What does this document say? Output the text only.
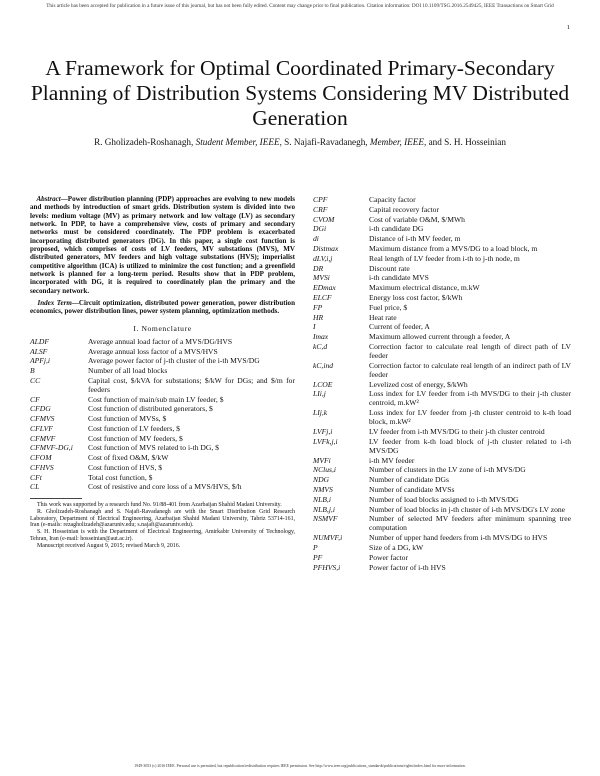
This article has been accepted for publication in a future issue of this journal, but has not been fully edited. Content may change prior to final publication. Citation information: DOI 10.1109/TSG.2016.2549425, IEEE Transactions on Smart Grid
1
A Framework for Optimal Coordinated Primary-Secondary Planning of Distribution Systems Considering MV Distributed Generation
R. Gholizadeh-Roshanagh, Student Member, IEEE, S. Najafi-Ravadanegh, Member, IEEE, and S. H. Hosseinian

Abstract—Power distribution planning (PDP) approaches are evolving to new models and methods by introduction of smart grids. Distribution system is divided into two levels: medium voltage (MV) as primary network and low voltage (LV) as secondary network. In PDP, to have a comprehensive view, costs of primary and secondary networks must be considered coordinately. The PDP problem is exacerbated incorporating distributed generators (DG). In this paper, a single cost function is proposed, which comprises of costs of LV feeders, MV substations (MVS), MV distributed generators, MV feeders and high voltage substations (HVS); imperialist competitive algorithm (ICA) is utilized to minimize the cost function; and a greenfield network is planned for a long-term period. Results show that in PDP problem, incorporated with DG, it is required to coordinately plan the primary and the secondary network.

Index Term—Circuit optimization, distributed power generation, power distribution economics, power distribution lines, power system planning, optimization methods.

I. Nomenclature
ALDF	Average annual load factor of a MVS/DG/HVS
ALSF	Average annual loss factor of a MVS/HVS
APFj,i	Average power factor of j-th cluster of the i-th MVS/DG
B	Number of all load blocks
CC	Capital cost, $/kVA for substations; $/kW for DGs; and $/m for feeders
CF	Cost function of main/sub main LV feeder, $
CFDG	Cost function of distributed generators, $
CFMVS	Cost function of MVSs, $
CFLVF	Cost function of LV feeders, $
CFMVF	Cost function of MV feeders, $
CFMVF-DG,i	Cost function of MVS related to i-th DG, $
CFOM	Cost of fixed O&M, $/kW
CFHVS	Cost function of HVS, $
CFt	Total cost function, $
CL	Cost of resistive and core loss of a MVS/HVS, $/h

This work was supported by a research fund No. 91/88-401 from Azarbaijan Shahid Madani University.

R. Gholizadeh-Roshanagh and S. Najafi-Ravadanegh are with the Smart Distribution Grid Research Laboratory, Department of Electrical Engineering, Azarbaijan Shahid Madani University, Tabriz 53714-161, Iran (e-mails: rezagholizadeh@azaruniv.edu; s.najafi@azaruniv.edu).

S. H. Hosseinian is with the Department of Electrical Engineering, Amirkabir University of Technology, Tehran, Iran (e-mail: hosseinian@aut.ac.ir).

Manuscript received August 9, 2015; revised March 9, 2016.

CPF	Capacity factor
CRF	Capital recovery factor
CVOM	Cost of variable O&M, $/MWh
DGi	i-th candidate DG
di	Distance of i-th MV feeder, m
Distmax	Maximum distance from a MVS/DG to a load block, m
dLV,i,j	Real length of LV feeder from i-th to j-th node, m
DR	Discount rate
MVSi	i-th candidate MVS
EDmax	Maximum electrical distance, m.kW
ELCF	Energy loss cost factor, $/kWh
FP	Fuel price, $
HR	Heat rate
I	Current of feeder, A
Imax	Maximum allowed current through a feeder, A
kC,d	Correction factor to calculate real length of direct path of LV feeder
kC,ind	Correction factor to calculate real length of an indirect path of LV feeder
LCOE	Levelized cost of energy, $/kWh
LIi,j	Loss index for LV feeder from i-th MVS/DG to their j-th cluster centroid, m.kW²
LIj,k	Loss index for LV feeder from j-th cluster centroid to k-th load block, m.kW²
LVFj,i	LV feeder from i-th MVS/DG to their j-th cluster centroid
LVFk,j,i	LV feeder from k-th load block of j-th cluster related to i-th MVS/DG
MVFi	i-th MV feeder
NClus,i	Number of clusters in the LV zone of i-th MVS/DG
NDG	Number of candidate DGs
NMVS	Number of candidate MVSs
NLB,i	Number of load blocks assigned to i-th MVS/DG
NLB,j,i	Number of load blocks in j-th cluster of i-th MVS/DG's LV zone
NSMVF	Number of selected MV feeders after minimum spanning tree computation
NUMVF,i	Number of upper hand feeders from i-th MVS/DG to HVS
P	Size of a DG, kW
PF	Power factor
PFHVS,i	Power factor of i-th HVS
1949-3053 (c) 2016 IEEE. Personal use is permitted, but republication/redistribution requires IEEE permission. See http://www.ieee.org/publications_standards/publications/rights/index.html for more information.
